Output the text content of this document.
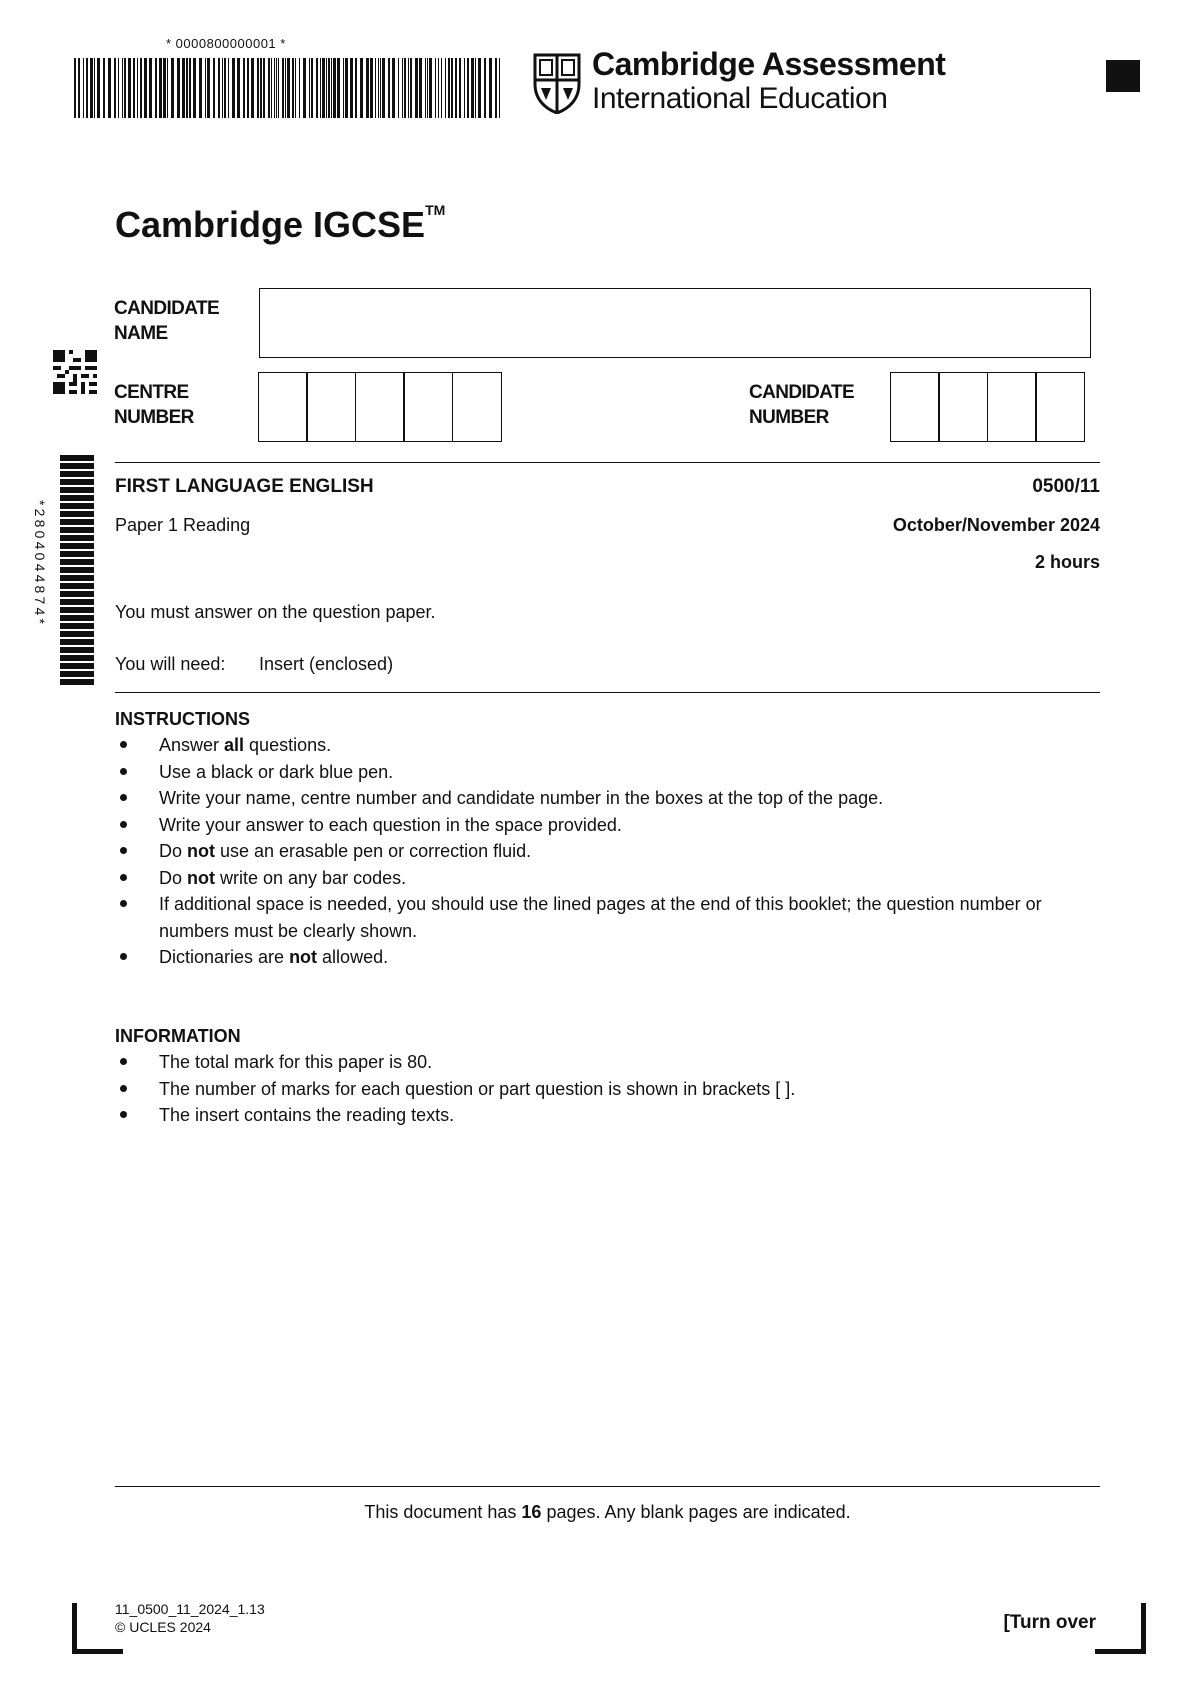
* 0000800000001 *
Cambridge Assessment
International Education
Cambridge IGCSE™
CANDIDATE
NAME
CENTRE
NUMBER
CANDIDATE
NUMBER
*2804044874*
FIRST LANGUAGE ENGLISH	0500/11
Paper 1 Reading	October/November 2024
2 hours
You must answer on the question paper.
You will need: Insert (enclosed)
INSTRUCTIONS
Answer all questions.
Use a black or dark blue pen.
Write your name, centre number and candidate number in the boxes at the top of the page.
Write your answer to each question in the space provided.
Do not use an erasable pen or correction fluid.
Do not write on any bar codes.
If additional space is needed, you should use the lined pages at the end of this booklet; the question number or numbers must be clearly shown.
Dictionaries are not allowed.
INFORMATION
The total mark for this paper is 80.
The number of marks for each question or part question is shown in brackets [ ].
The insert contains the reading texts.
This document has 16 pages. Any blank pages are indicated.
11_0500_11_2024_1.13
© UCLES 2024	[Turn over
